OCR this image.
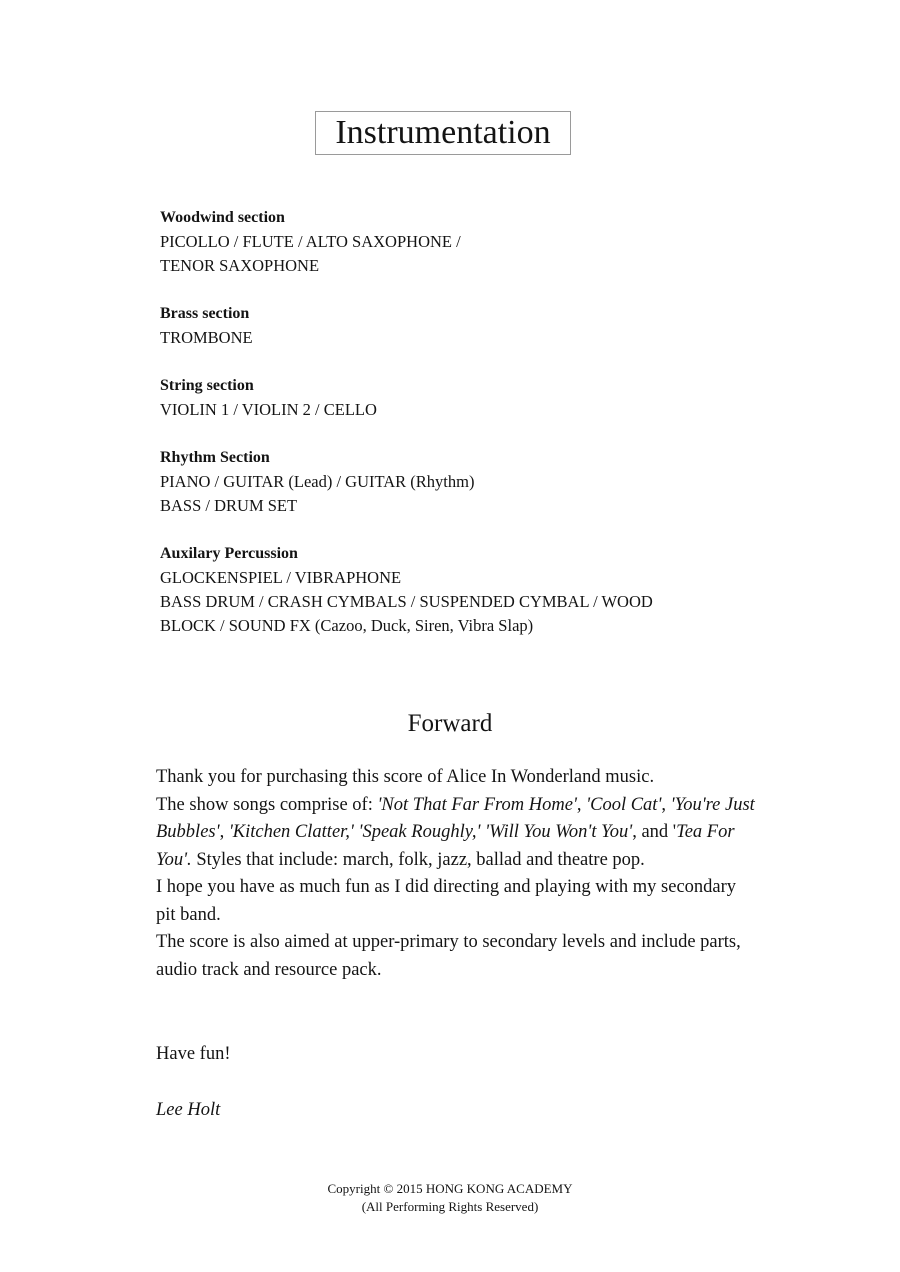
Instrumentation
Woodwind section
PICOLLO / FLUTE / ALTO SAXOPHONE /
TENOR SAXOPHONE
Brass section
TROMBONE
String section
VIOLIN 1 / VIOLIN 2 / CELLO
Rhythm Section
PIANO / GUITAR (Lead) / GUITAR (Rhythm)
BASS / DRUM SET
Auxilary Percussion
GLOCKENSPIEL / VIBRAPHONE
BASS DRUM / CRASH CYMBALS / SUSPENDED CYMBAL / WOOD
BLOCK / SOUND FX (Cazoo, Duck, Siren, Vibra Slap)
Forward

Thank you for purchasing this score of Alice In Wonderland music.

The show songs comprise of: 'Not That Far From Home', 'Cool Cat', 'You're Just Bubbles', 'Kitchen Clatter,' 'Speak Roughly,' 'Will You Won't You', and 'Tea For You'. Styles that include: march, folk, jazz, ballad and theatre pop.

I hope you have as much fun as I did directing and playing with my secondary pit band.

The score is also aimed at upper-primary to secondary levels and include parts, audio track and resource pack.

Have fun!
Lee Holt
Copyright © 2015 HONG KONG ACADEMY
(All Performing Rights Reserved)
